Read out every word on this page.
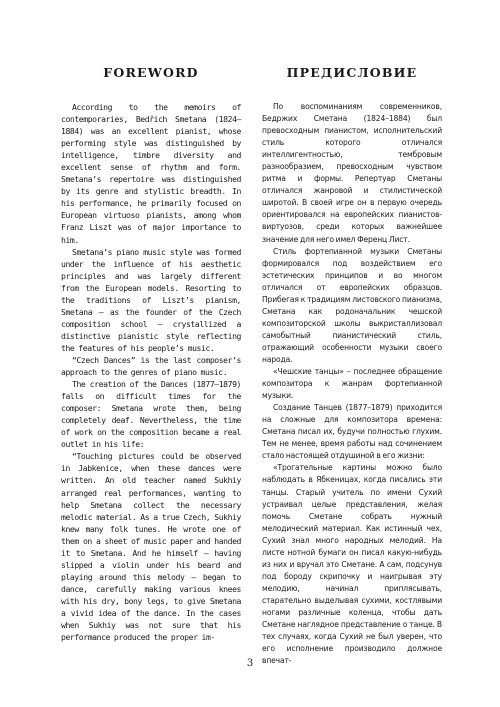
FOREWORD

According to the memoirs of contemporaries, Bedřich Smetana (1824–1884) was an excellent pianist, whose performing style was distinguished by intelligence, timbre diversity and excellent sense of rhythm and form. Smetana’s repertoire was distinguished by its genre and stylistic breadth. In his performance, he primarily focused on European virtuoso pianists, among whom Franz Liszt was of major importance to him.

Smetana’s piano music style was formed under the influence of his aesthetic principles and was largely different from the European models. Resorting to the traditions of Liszt’s pianism, Smetana – as the founder of the Czech composition school – crystallized a distinctive pianistic style reflecting the features of his people’s music.

“Czech Dances” is the last composer’s approach to the genres of piano music.

The creation of the Dances (1877–1879) falls on difficult times for the composer: Smetana wrote them, being completely deaf. Nevertheless, the time of work on the composition became a real outlet in his life:

“Touching pictures could be observed in Jabkenice, when these dances were written. An old teacher named Sukhiy arranged real performances, wanting to help Smetana collect the necessary melodic material. As a true Czech, Sukhiy knew many folk tunes. He wrote one of them on a sheet of music paper and handed it to Smetana. And he himself – having slipped a violin under his beard and playing around this melody – began to dance, carefully making various knees with his dry, bony legs, to give Smetana a vivid idea of the dance. In the cases when Sukhiy was not sure that his performance produced the proper im-

ПРЕДИСЛОВИЕ

По воспоминаниям современников, Бедржих Сметана (1824–1884) был превосходным пианистом, исполнительский стиль которого отличался интеллигентностью, тембровым разнообразием, превосходным чувством ритма и формы. Репертуар Сметаны отличался жанровой и стилистической широтой. В своей игре он в первую очередь ориентировался на европейских пианистов-виртуозов, среди которых важнейшее значение для него имел Ференц Лист.

Стиль фортепианной музыки Сметаны формировался под воздействием его эстетических принципов и во многом отличался от европейских образцов. Прибегая к традициям листовского пианизма, Сметана как родоначальник чешской композиторской школы выкристаллизовал самобытный пианистический стиль, отражающий особенности музыки своего народа.

«Чешские танцы» – последнее обращение композитора к жанрам фортепианной музыки.

Создание Танцев (1877–1879) приходится на сложные для композитора времена: Сметана писал их, будучи полностью глухим. Тем не менее, время работы над сочинением стало настоящей отдушиной в его жизни:

«Трогательные картины можно было наблюдать в Ябкеницах, когда писались эти танцы. Старый учитель по имени Сухий устраивал целые представления, желая помочь Сметане собрать нужный мелодический материал. Как истинный чех, Сухий знал много народных мелодий. На листе нотной бумаги он писал какую-нибудь из них и вручал это Сметане. А сам, подсунув под бороду скрипочку и наигрывая эту мелодию, начинал приплясывать, старательно выделывая сухими, костлявыми ногами различные коленца, чтобы дать Сметане наглядное представление о танце. В тех случаях, когда Сухий не был уверен, что его исполнение производило должное впечат-

3
